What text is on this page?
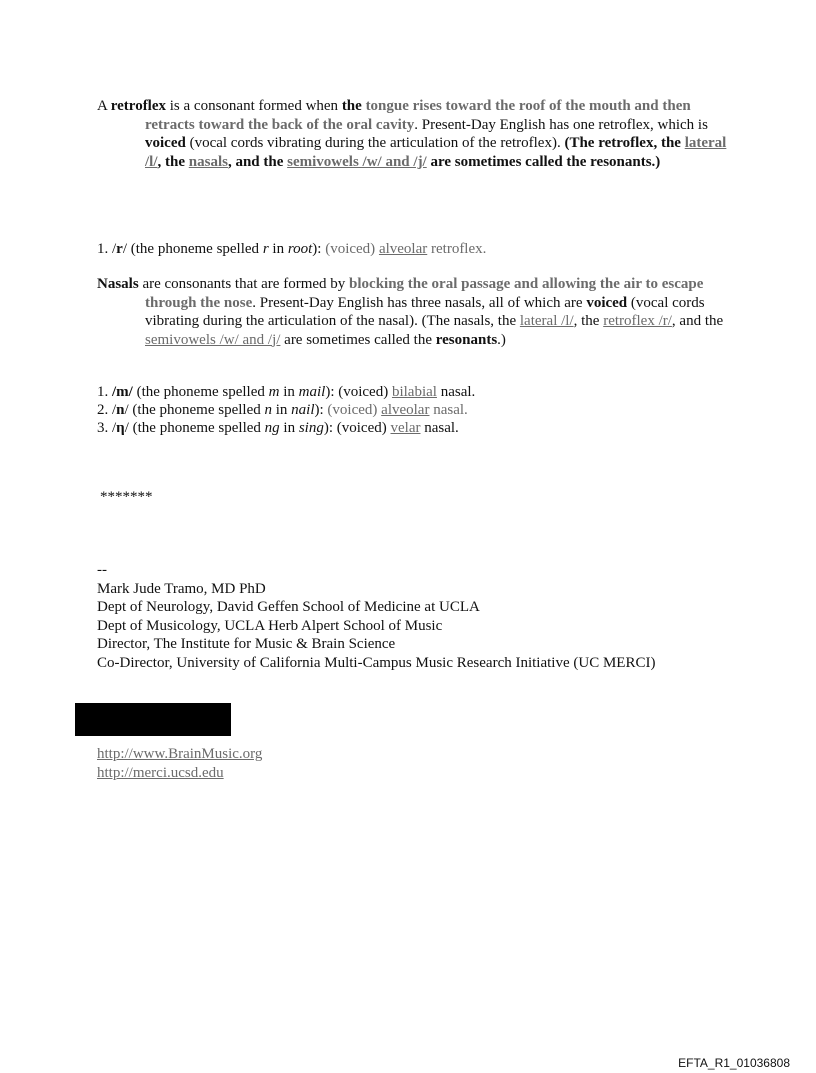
A retroflex is a consonant formed when the tongue rises toward the roof of the mouth and then retracts toward the back of the oral cavity. Present-Day English has one retroflex, which is voiced (vocal cords vibrating during the articulation of the retroflex). (The retroflex, the lateral /l/, the nasals, and the semivowels /w/ and /j/ are sometimes called the resonants.)

1. /r/ (the phoneme spelled r in root): (voiced) alveolar retroflex.

Nasals are consonants that are formed by blocking the oral passage and allowing the air to escape through the nose. Present-Day English has three nasals, all of which are voiced (vocal cords vibrating during the articulation of the nasal). (The nasals, the lateral /l/, the retroflex /r/, and the semivowels /w/ and /j/ are sometimes called the resonants.)

1. /m/ (the phoneme spelled m in mail): (voiced) bilabial nasal.

2. /n/ (the phoneme spelled n in nail): (voiced) alveolar nasal.

3. /η/ (the phoneme spelled ng in sing): (voiced) velar nasal.

*******

--

Mark Jude Tramo, MD PhD

Dept of Neurology, David Geffen School of Medicine at UCLA

Dept of Musicology, UCLA Herb Alpert School of Music

Director, The Institute for Music & Brain Science

Co-Director, University of California Multi-Campus Music Research Initiative (UC MERCI)

http://www.BrainMusic.org

http://merci.ucsd.edu

EFTA_R1_01036808
